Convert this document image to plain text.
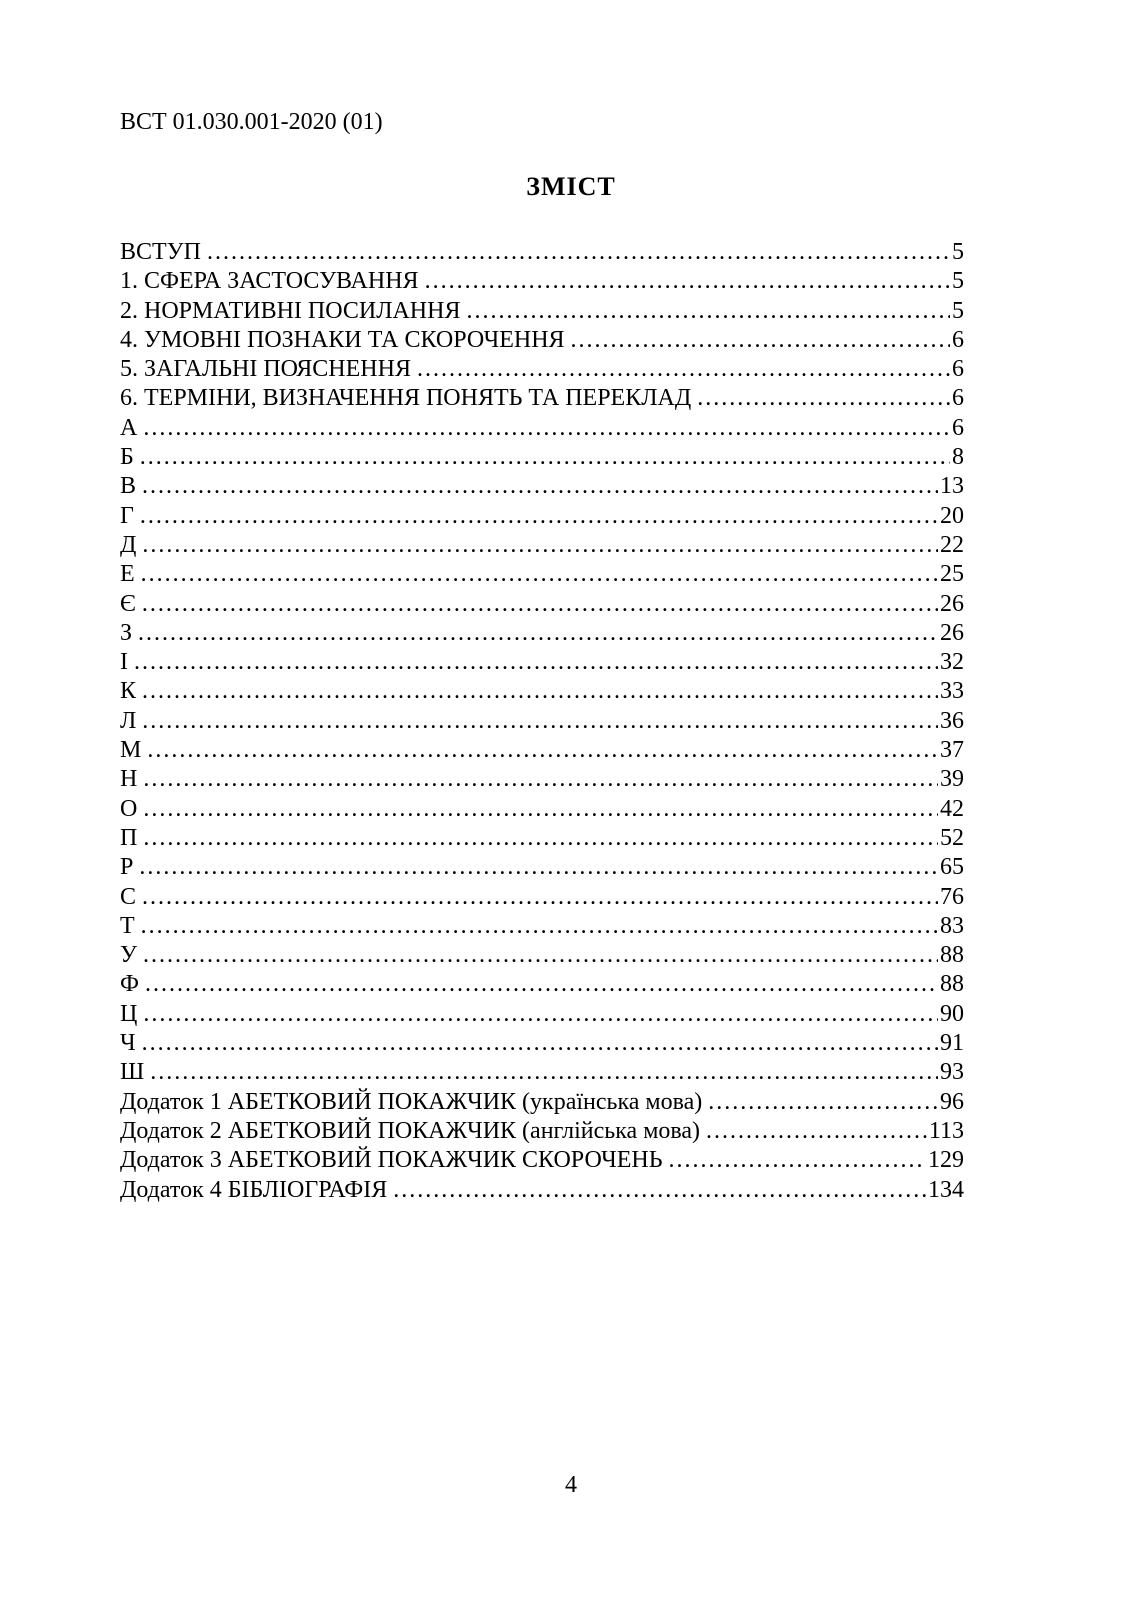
ВСТ 01.030.001-2020 (01)
ЗМІСТ
ВСТУП .....	5
1. СФЕРА ЗАСТОСУВАННЯ .....	5
2. НОРМАТИВНІ ПОСИЛАННЯ .....	5
4. УМОВНІ ПОЗНАКИ ТА СКОРОЧЕННЯ .....	6
5. ЗАГАЛЬНІ ПОЯСНЕННЯ .....	6
6. ТЕРМІНИ, ВИЗНАЧЕННЯ ПОНЯТЬ ТА ПЕРЕКЛАД .....	6
А .....	6
Б .....	8
В .....	13
Г .....	20
Д .....	22
Е .....	25
Є .....	26
З .....	26
І .....	32
К .....	33
Л .....	36
М .....	37
Н .....	39
О .....	42
П .....	52
Р .....	65
С .....	76
Т .....	83
У .....	88
Ф .....	88
Ц .....	90
Ч .....	91
Ш .....	93
Додаток 1 АБЕТКОВИЙ ПОКАЖЧИК (українська мова) .....	96
Додаток 2 АБЕТКОВИЙ ПОКАЖЧИК (англійська мова) .....	113
Додаток 3 АБЕТКОВИЙ ПОКАЖЧИК СКОРОЧЕНЬ .....	129
Додаток 4 БІБЛІОГРАФІЯ .....	134
4
